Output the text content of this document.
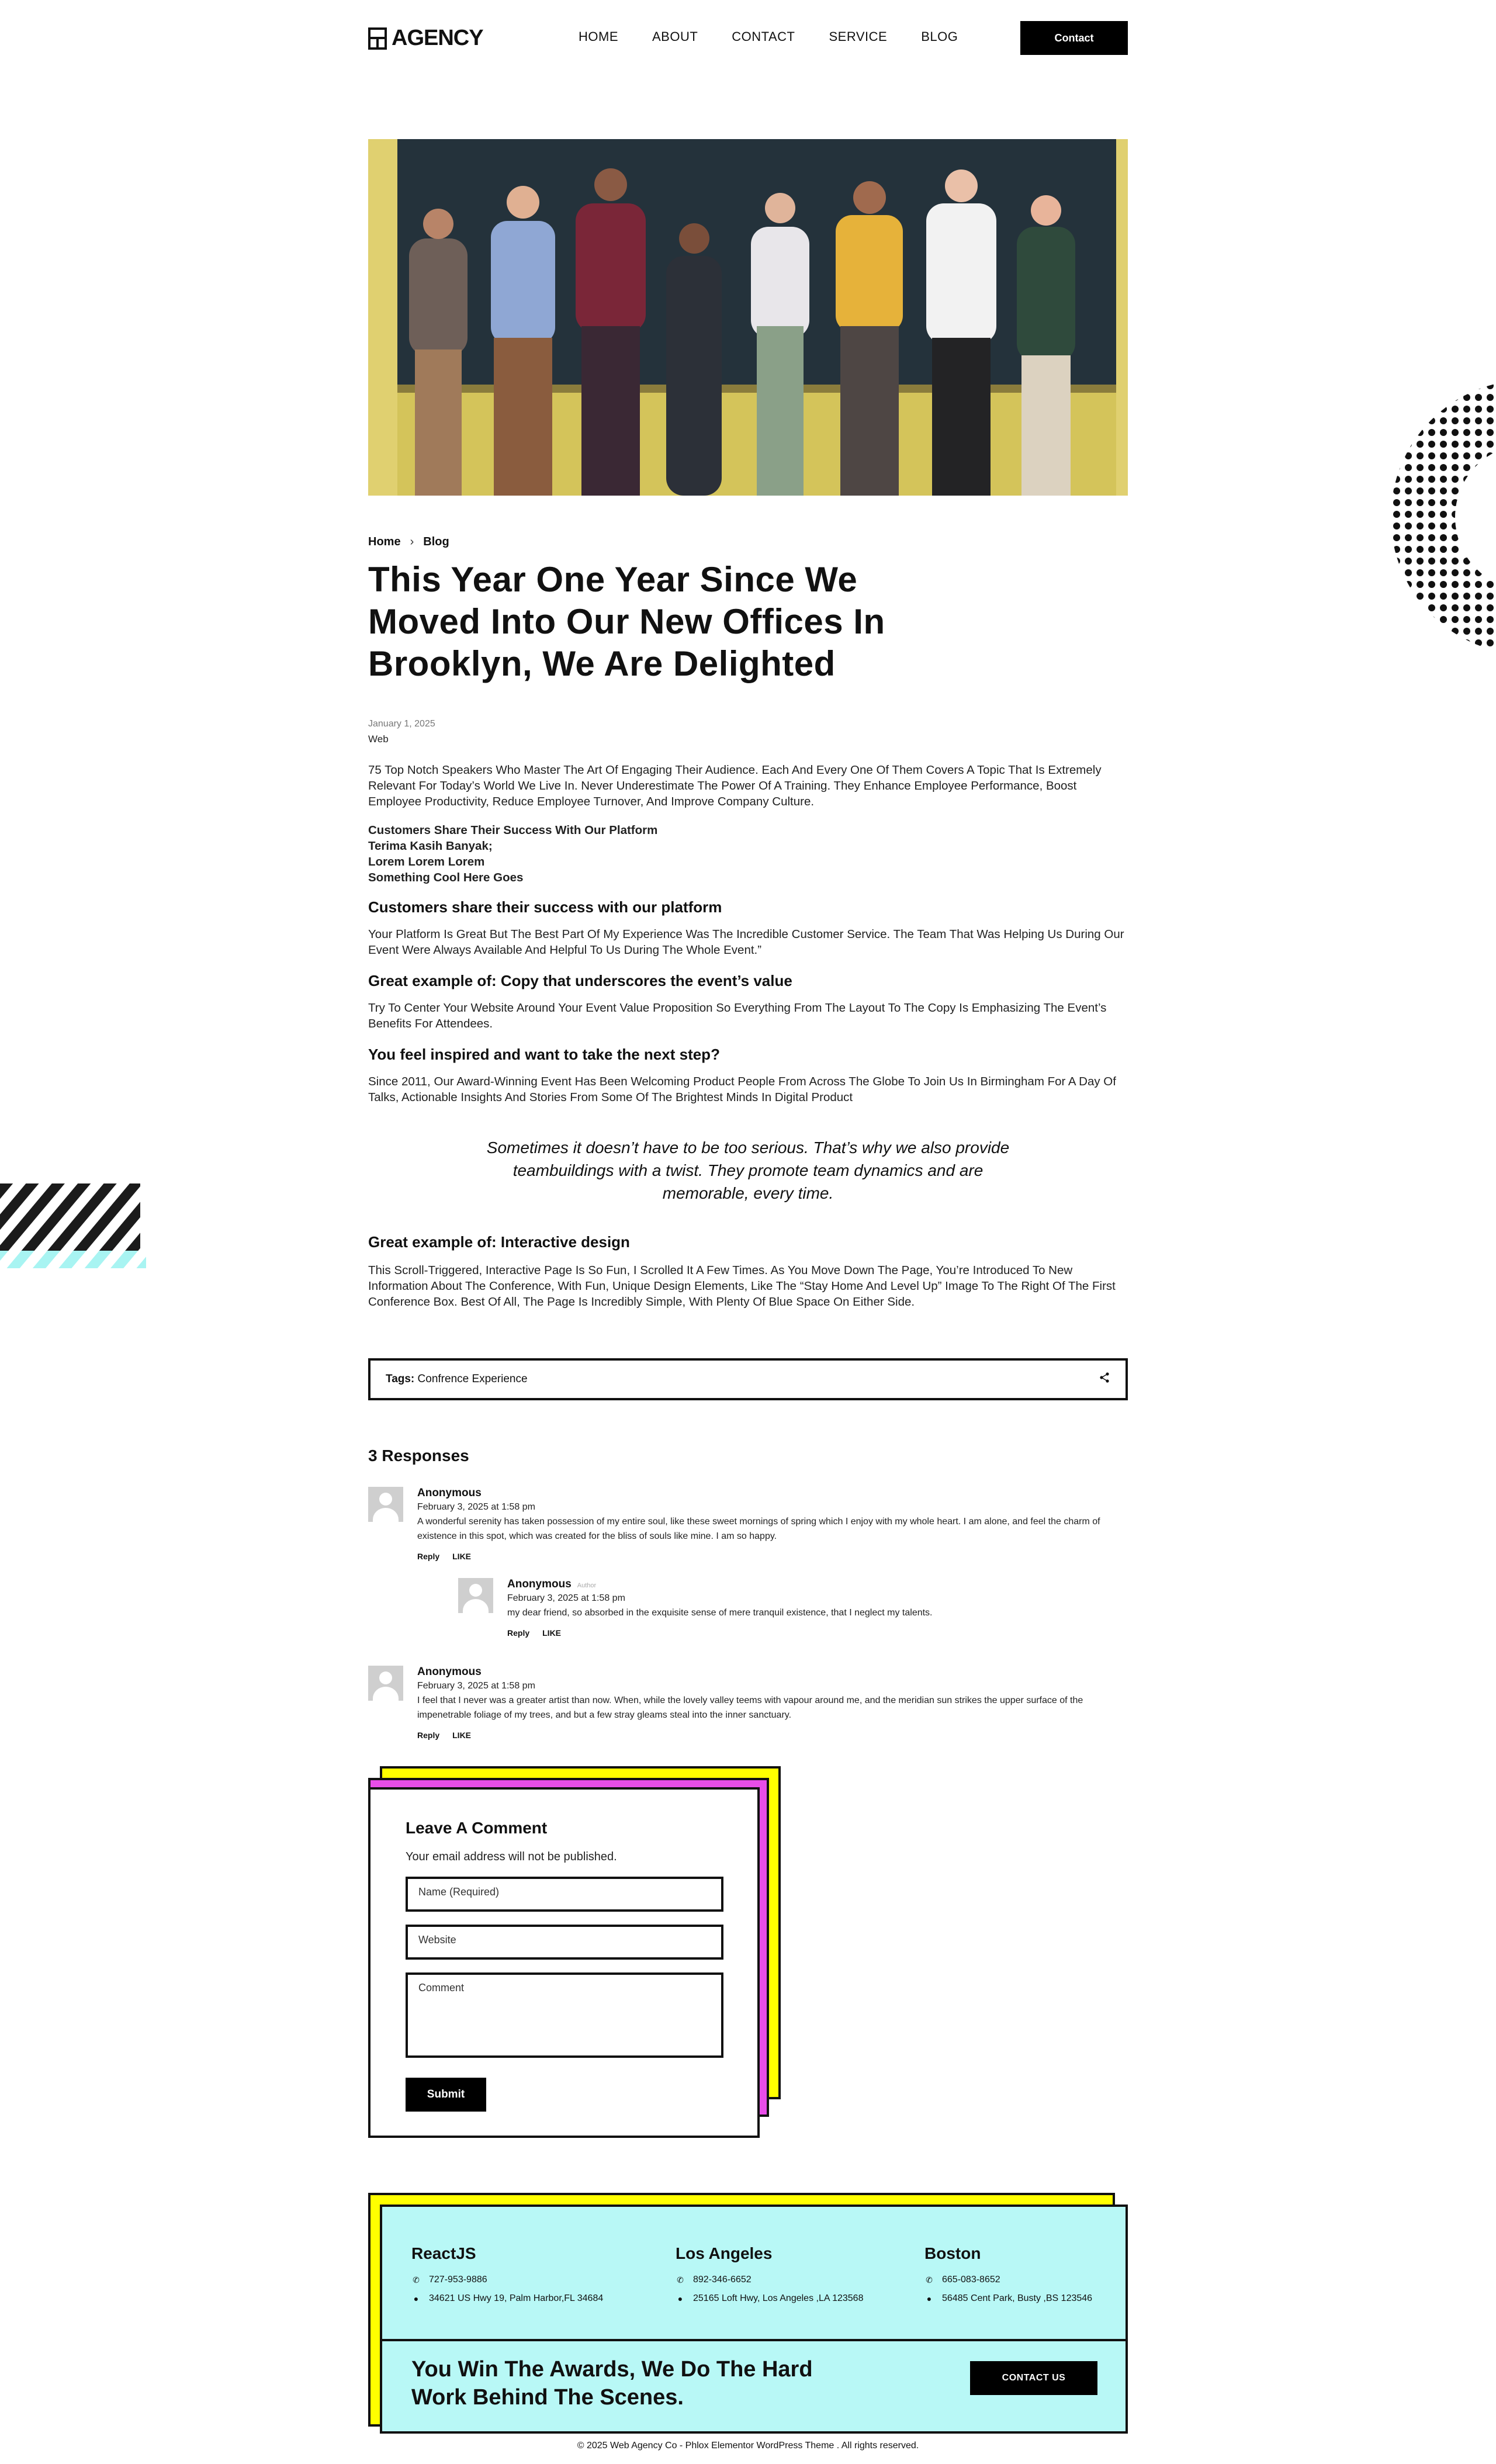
AGENCY	HOME	ABOUT	CONTACT	SERVICE	BLOG	Contact
Home › Blog
This Year One Year Since We Moved Into Our New Offices In Brooklyn, We Are Delighted
January 1, 2025
Web

75 Top Notch Speakers Who Master The Art Of Engaging Their Audience. Each And Every One Of Them Covers A Topic That Is Extremely Relevant For Today’s World We Live In. Never Underestimate The Power Of A Training. They Enhance Employee Performance, Boost Employee Productivity, Reduce Employee Turnover, And Improve Company Culture.

Customers Share Their Success With Our Platform
Terima Kasih Banyak;
Lorem Lorem Lorem
Something Cool Here Goes
Customers share their success with our platform

Your Platform Is Great But The Best Part Of My Experience Was The Incredible Customer Service. The Team That Was Helping Us During Our Event Were Always Available And Helpful To Us During The Whole Event.”

Great example of: Copy that underscores the event’s value

Try To Center Your Website Around Your Event Value Proposition So Everything From The Layout To The Copy Is Emphasizing The Event’s Benefits For Attendees.

You feel inspired and want to take the next step?

Since 2011, Our Award-Winning Event Has Been Welcoming Product People From Across The Globe To Join Us In Birmingham For A Day Of Talks, Actionable Insights And Stories From Some Of The Brightest Minds In Digital Product

Sometimes it doesn’t have to be too serious. That’s why we also provide teambuildings with a twist. They promote team dynamics and are memorable, every time.
Great example of: Interactive design

This Scroll-Triggered, Interactive Page Is So Fun, I Scrolled It A Few Times. As You Move Down The Page, You’re Introduced To New Information About The Conference, With Fun, Unique Design Elements, Like The “Stay Home And Level Up” Image To The Right Of The First Conference Box. Best Of All, The Page Is Incredibly Simple, With Plenty Of Blue Space On Either Side.

Tags: Confrence Experience
3 Responses
Anonymous
February 3, 2025 at 1:58 pm
A wonderful serenity has taken possession of my entire soul, like these sweet mornings of spring which I enjoy with my whole heart. I am alone, and feel the charm of existence in this spot, which was created for the bliss of souls like mine. I am so happy.
Reply LIKE
Anonymous Author
February 3, 2025 at 1:58 pm
my dear friend, so absorbed in the exquisite sense of mere tranquil existence, that I neglect my talents.
Reply LIKE
Anonymous
February 3, 2025 at 1:58 pm
I feel that I never was a greater artist than now. When, while the lovely valley teems with vapour around me, and the meridian sun strikes the upper surface of the impenetrable foliage of my trees, and but a few stray gleams steal into the inner sanctuary.
Reply LIKE
Leave A Comment
Your email address will not be published.
Name (Required)
Website
Comment
Submit
ReactJS
✆ 727-953-9886
● 34621 US Hwy 19, Palm Harbor,FL 34684
Los Angeles
✆ 892-346-6652
● 25165 Loft Hwy, Los Angeles ,LA 123568
Boston
✆ 665-083-8652
● 56485 Cent Park, Busty ,BS 123546
You Win The Awards, We Do The Hard Work Behind The Scenes.
CONTACT US
© 2025 Web Agency Co - Phlox Elementor WordPress Theme . All rights reserved.
